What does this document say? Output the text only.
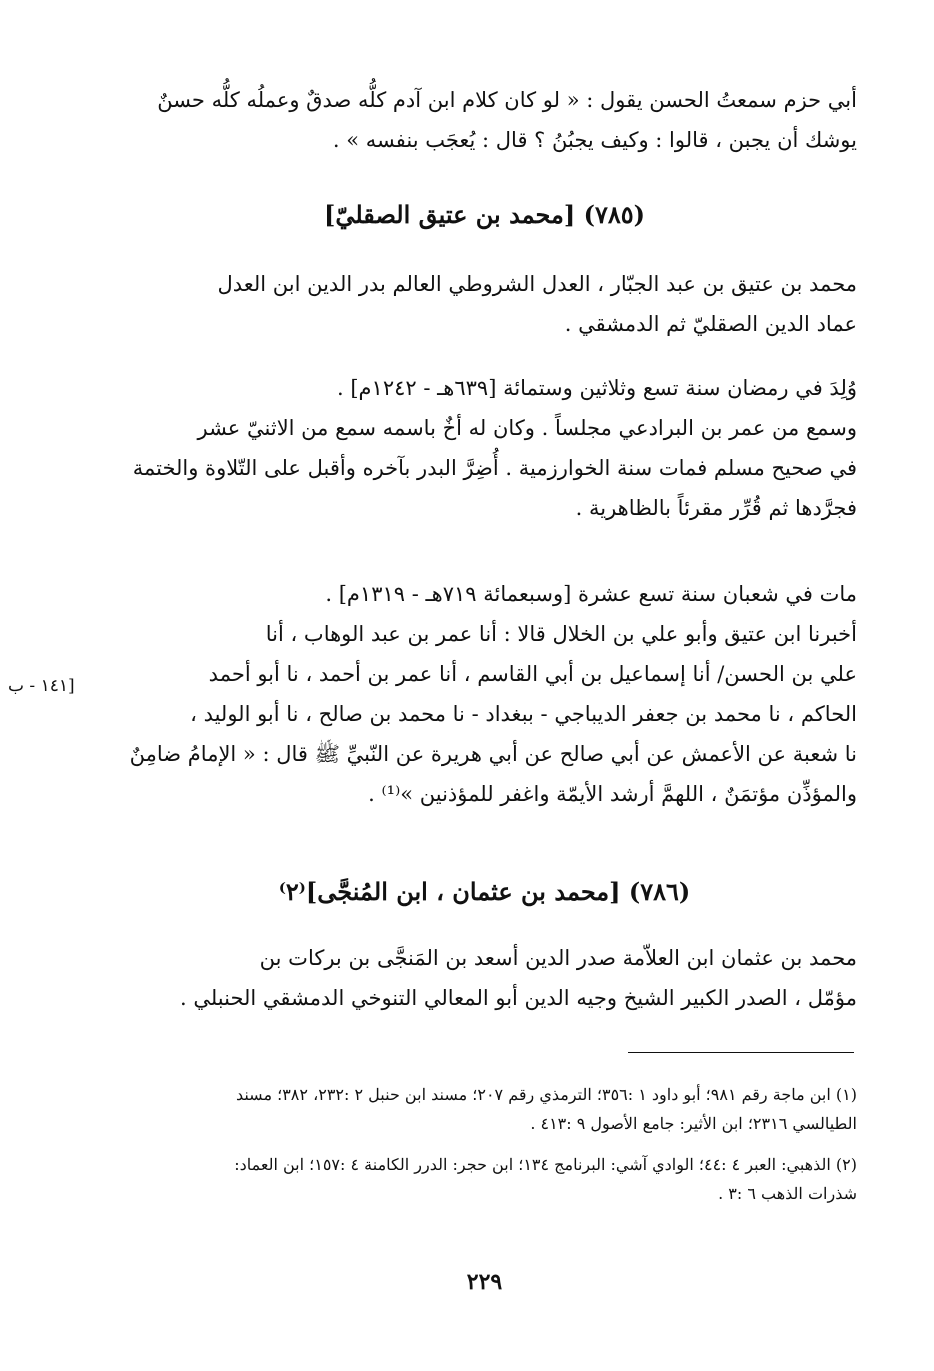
أبي حزم سمعتُ الحسن يقول : « لو كان كلام ابن آدم كلُّه صدقٌ وعملُه كلُّه حسنٌ
يوشك أن يجبن ، قالوا : وكيف يجبُنُ ؟ قال : يُعجَب بنفسه » .
(٧٨٥) [محمد بن عتيق الصقليّ]
محمد بن عتيق بن عبد الجبّار ، العدل الشروطي العالم بدر الدين ابن العدل
عماد الدين الصقليّ ثم الدمشقي .
وُلِدَ في رمضان سنة تسع وثلاثين وستمائة [٦٣٩هـ - ١٢٤٢م] .
وسمع من عمر بن البرادعي مجلساً . وكان له أخٌ باسمه سمع من الاثنيّ عشر
في صحيح مسلم فمات سنة الخوارزمية . أُضِرَّ البدر بآخره وأقبل على التّلاوة والختمة
فجرَّدها ثم قُرِّر مقرئاً بالظاهرية .
مات في شعبان سنة تسع عشرة [وسبعمائة ٧١٩هـ - ١٣١٩م] .
أخبرنا ابن عتيق وأبو علي بن الخلال قالا : أنا عمر بن عبد الوهاب ، أنا
علي بن الحسن/ أنا إسماعيل بن أبي القاسم ، أنا عمر بن أحمد ، نا أبو أحمد
الحاكم ، نا محمد بن جعفر الديباجي - ببغداد - نا محمد بن صالح ، نا أبو الوليد ،
نا شعبة عن الأعمش عن أبي صالح عن أبي هريرة عن النّبيِّ ﷺ قال : « الإمامُ ضامِنٌ
والمؤذِّن مؤتمَنٌ ، اللهمَّ أرشد الأيمّة واغفر للمؤذنين »⁽¹⁾ .
[١٤١ - ب
(٧٨٦) [محمد بن عثمان ، ابن المُنجَّى]⁽٢⁾
محمد بن عثمان ابن العلاّمة صدر الدين أسعد بن المَنجَّى بن بركات بن
مؤمّل ، الصدر الكبير الشيخ وجيه الدين أبو المعالي التنوخي الدمشقي الحنبلي .
(١) ابن ماجة رقم ٩٨١؛ أبو داود ١ :٣٥٦؛ الترمذي رقم ٢٠٧؛ مسند ابن حنبل ٢ :٢٣٢، ٣٨٢؛ مسند
الطيالسي ٢٣١٦؛ ابن الأثير: جامع الأصول ٩ :٤١٣ .
(٢) الذهبي: العبر ٤ :٤٤؛ الوادي آشي: البرنامج ١٣٤؛ ابن حجر: الدرر الكامنة ٤ :١٥٧؛ ابن العماد:
شذرات الذهب ٦ :٣ .
٢٢٩
